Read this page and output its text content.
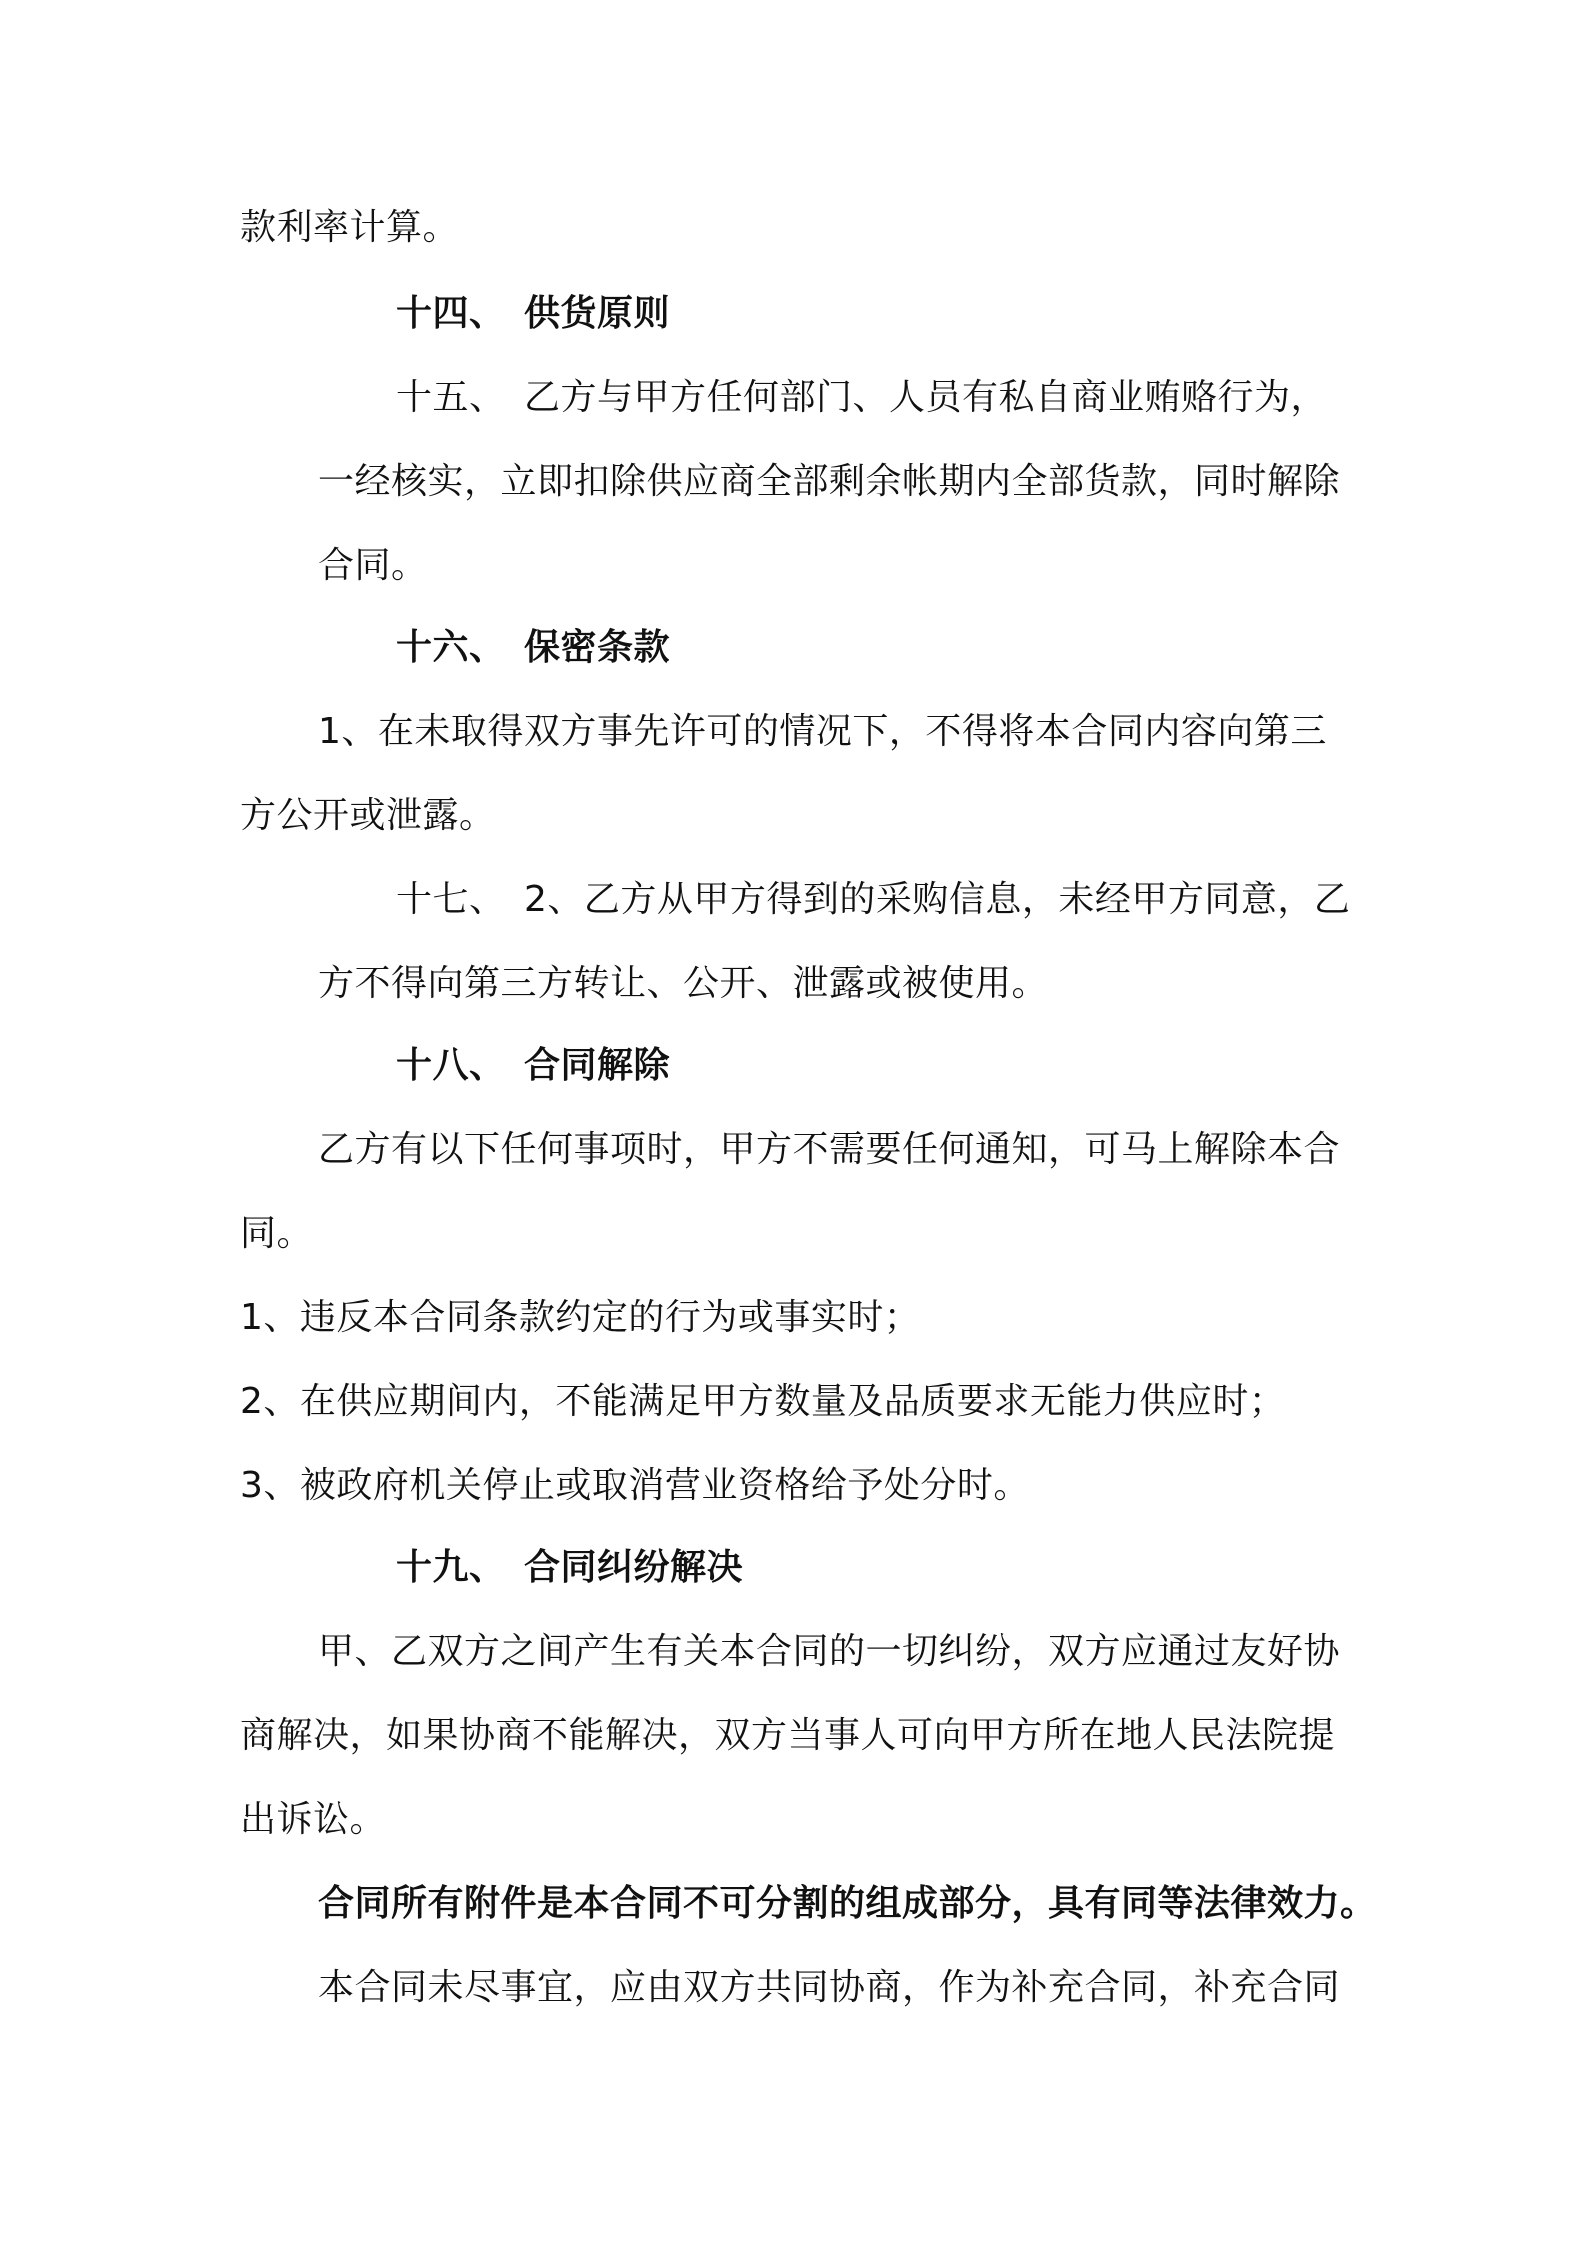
款利率计算。
十四、 供货原则
十五、 乙方与甲方任何部门、人员有私自商业贿赂行为，
一经核实，立即扣除供应商全部剩余帐期内全部货款，同时解除
合同。
十六、 保密条款
1、在未取得双方事先许可的情况下，不得将本合同内容向第三
方公开或泄露。
十七、 2、乙方从甲方得到的采购信息，未经甲方同意，乙
方不得向第三方转让、公开、泄露或被使用。
十八、 合同解除
乙方有以下任何事项时，甲方不需要任何通知，可马上解除本合
同。
1、违反本合同条款约定的行为或事实时；
2、在供应期间内，不能满足甲方数量及品质要求无能力供应时；
3、被政府机关停止或取消营业资格给予处分时。
十九、 合同纠纷解决
甲、乙双方之间产生有关本合同的一切纠纷，双方应通过友好协
商解决，如果协商不能解决，双方当事人可向甲方所在地人民法院提
出诉讼。
合同所有附件是本合同不可分割的组成部分，具有同等法律效力。
本合同未尽事宜，应由双方共同协商，作为补充合同，补充合同
